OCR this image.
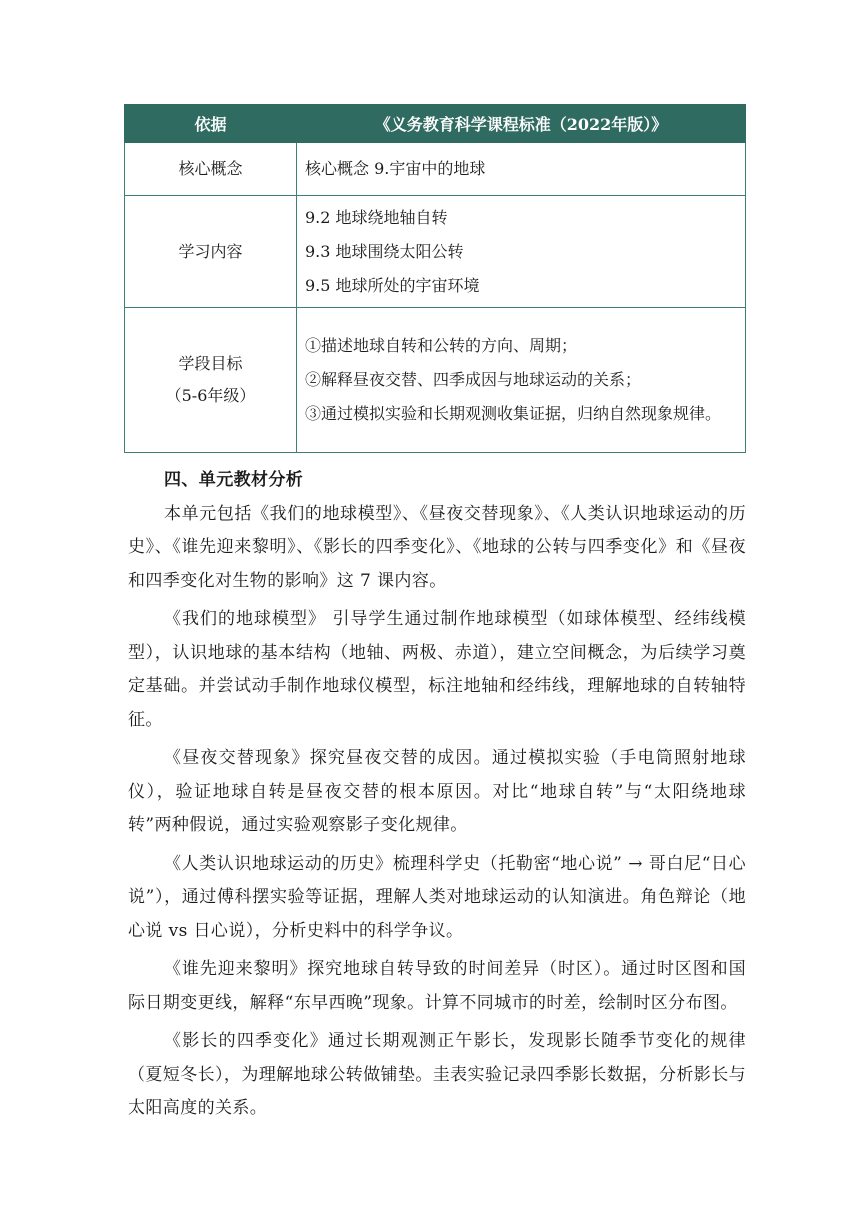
依据	《义务教育科学课程标准（2022年版）》
核心概念	核心概念 9.宇宙中的地球
学习内容	9.2 地球绕地轴自转
9.3 地球围绕太阳公转
9.5 地球所处的宇宙环境

学段目标
（5-6年级）	①描述地球自转和公转的方向、周期；
②解释昼夜交替、四季成因与地球运动的关系；
③通过模拟实验和长期观测收集证据，归纳自然现象规律。
四、单元教材分析

本单元包括《我们的地球模型》、《昼夜交替现象》、《人类认识地球运动的历史》、《谁先迎来黎明》、《影长的四季变化》、《地球的公转与四季变化》和《昼夜和四季变化对生物的影响》这 7 课内容。

《我们的地球模型》 引导学生通过制作地球模型（如球体模型、经纬线模型），认识地球的基本结构（地轴、两极、赤道），建立空间概念，为后续学习奠定基础。并尝试动手制作地球仪模型，标注地轴和经纬线，理解地球的自转轴特征。

《昼夜交替现象》探究昼夜交替的成因。通过模拟实验（手电筒照射地球仪），验证地球自转是昼夜交替的根本原因。对比“地球自转”与“太阳绕地球转”两种假说，通过实验观察影子变化规律。

《人类认识地球运动的历史》梳理科学史（托勒密“地心说” → 哥白尼“日心说”），通过傅科摆实验等证据，理解人类对地球运动的认知演进。角色辩论（地心说 vs 日心说），分析史料中的科学争议。

《谁先迎来黎明》探究地球自转导致的时间差异（时区）。通过时区图和国际日期变更线，解释“东早西晚”现象。计算不同城市的时差，绘制时区分布图。

《影长的四季变化》通过长期观测正午影长，发现影长随季节变化的规律（夏短冬长），为理解地球公转做铺垫。圭表实验记录四季影长数据，分析影长与太阳高度的关系。
